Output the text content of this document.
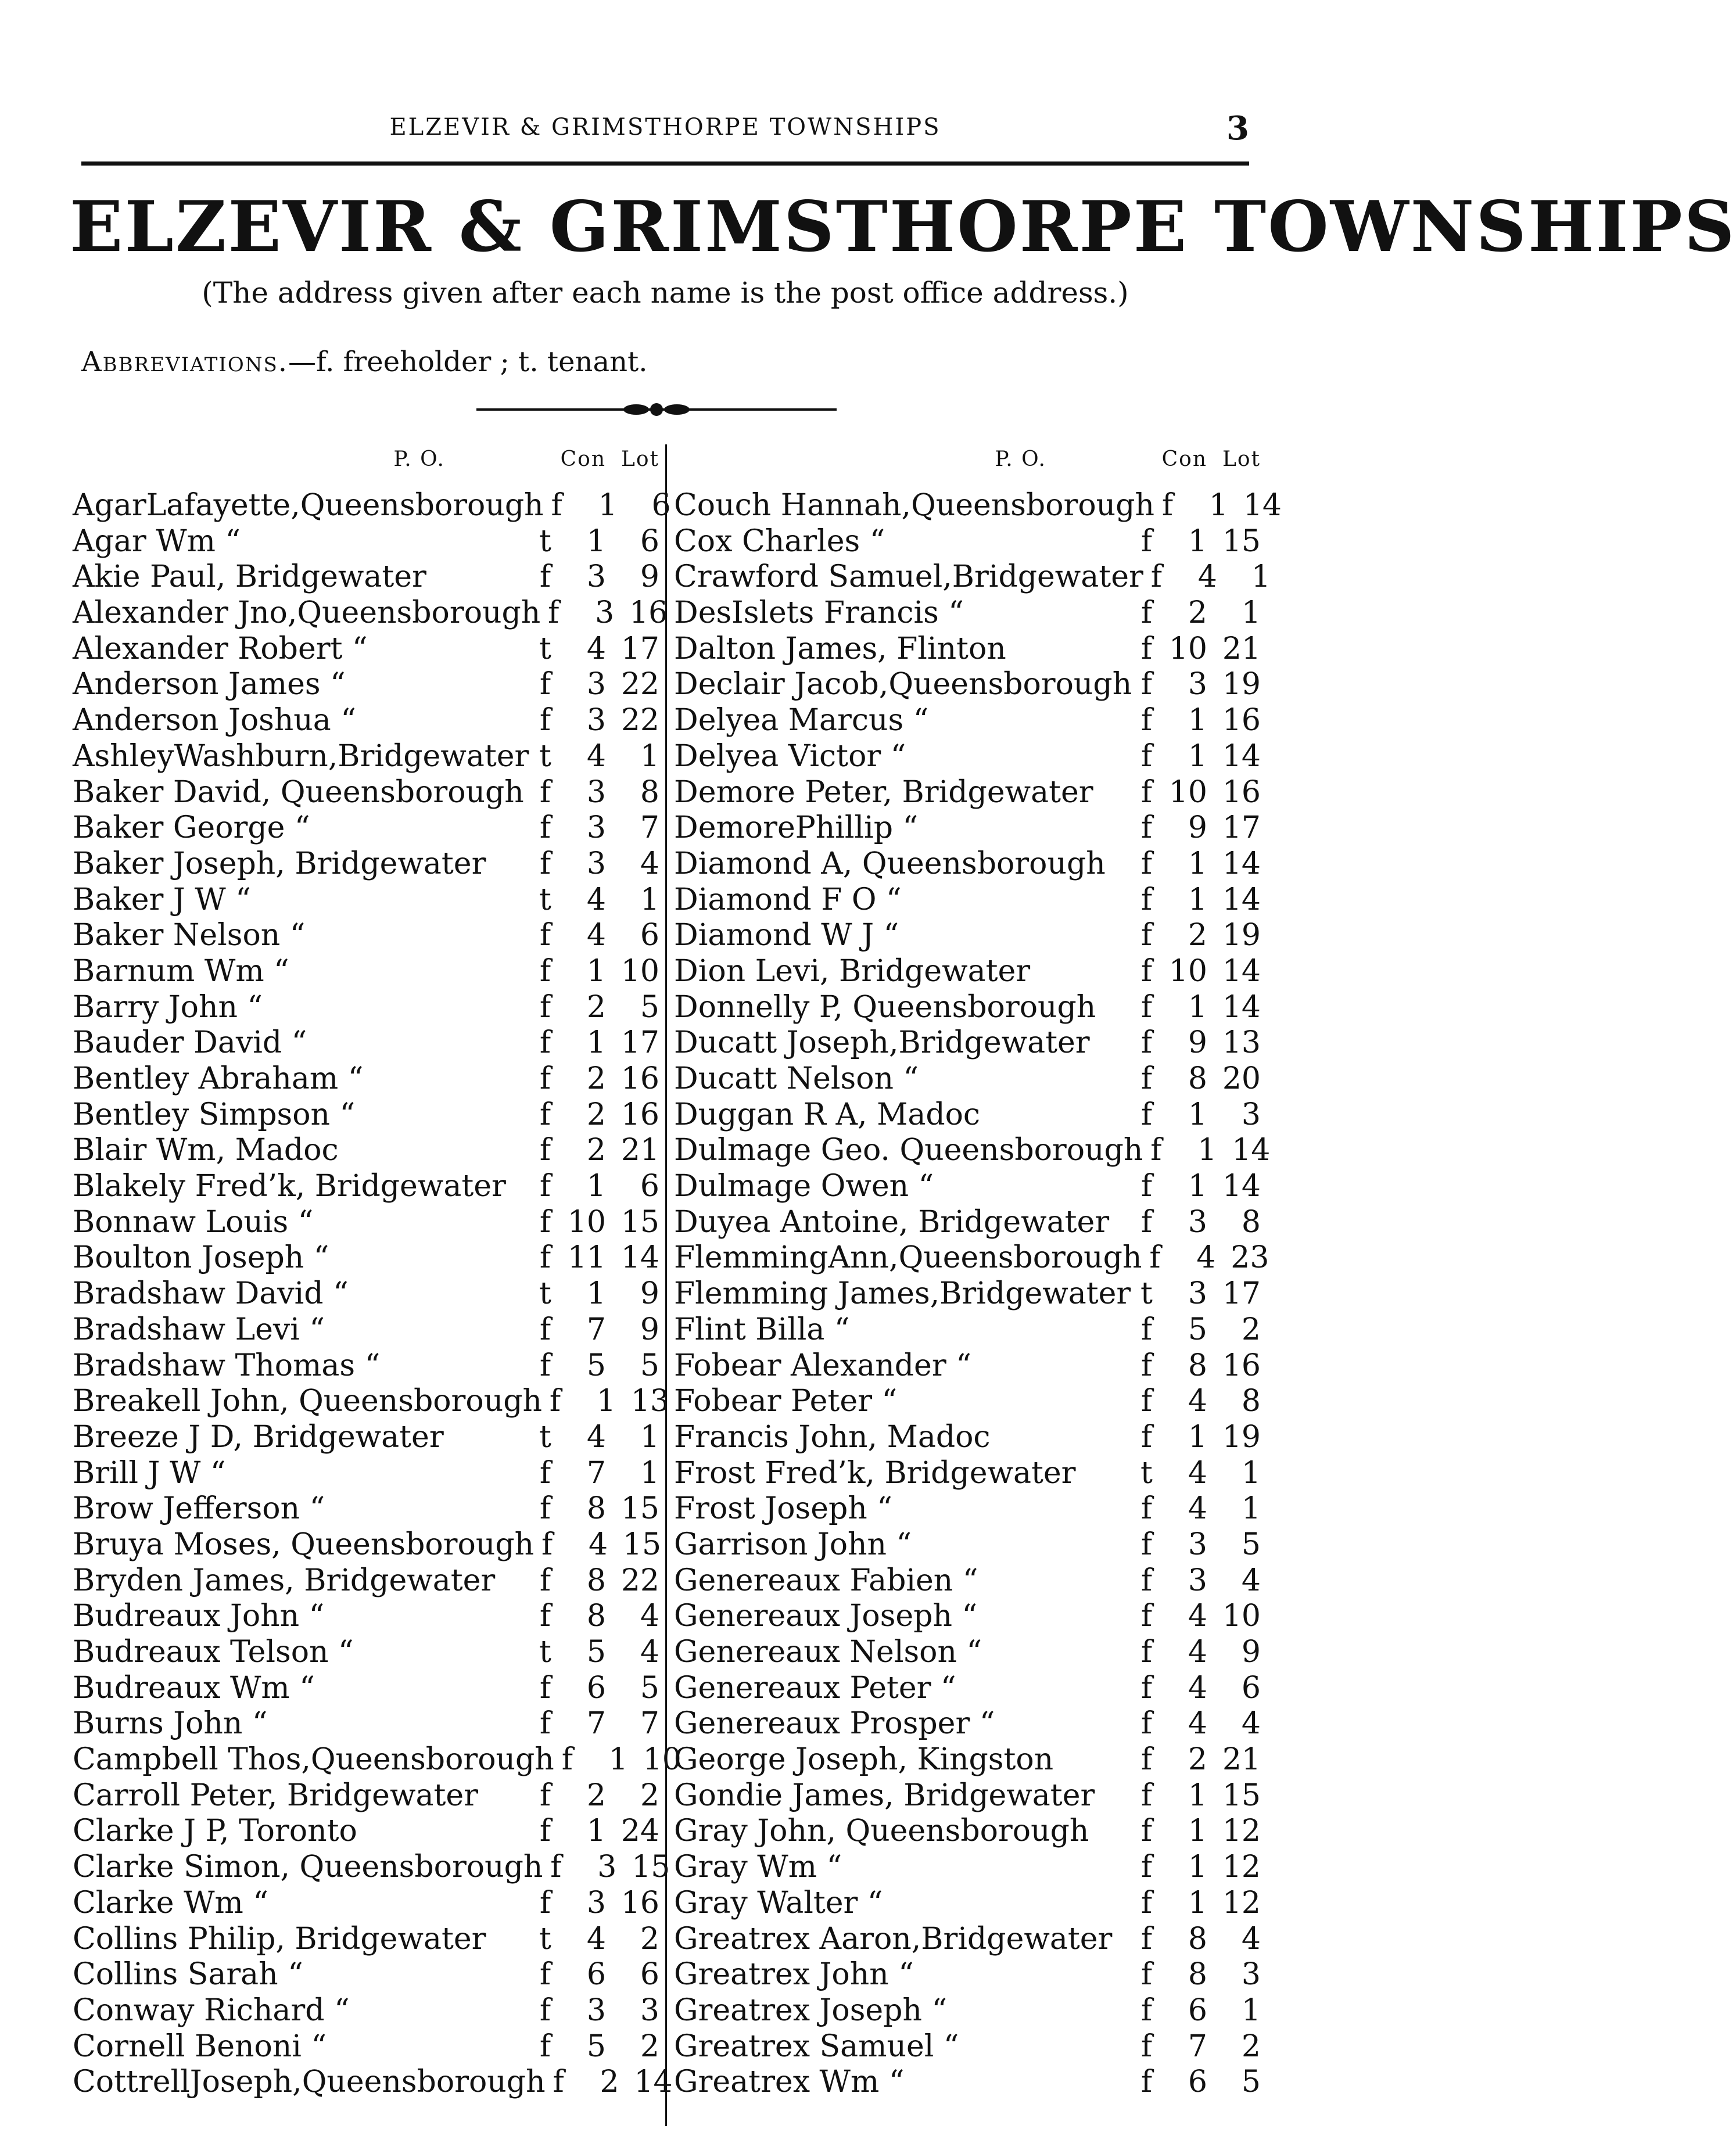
ELZEVIR & GRIMSTHORPE TOWNSHIPS	3
ELZEVIR & GRIMSTHORPE TOWNSHIPS
(The address given after each name is the post office address.)
Abbreviations.—f. freeholder ; t. tenant.
P. O.	Con Lot
AgarLafayette,Queensborough f	1	6
Agar Wm “	t	1	6
Akie Paul, Bridgewater	f	3	9
Alexander Jno,Queensborough f	3 16
Alexander Robert “	t	4 17
Anderson James “	f	3 22
Anderson Joshua “	f	3 22
AshleyWashburn,Bridgewater t	4	1
Baker David, Queensborough f	3	8
Baker George “	f	3	7
Baker Joseph, Bridgewater	f	3	4
Baker J W “	t	4	1
Baker Nelson “	f	4	6
Barnum Wm “	f	1 10
Barry John “	f	2	5
Bauder David “	f	1 17
Bentley Abraham “	f	2 16
Bentley Simpson “	f	2 16
Blair Wm, Madoc	f	2 21
Blakely Fred’k, Bridgewater	f	1	6
Bonnaw Louis “	f 10 15
Boulton Joseph “	f 11 14
Bradshaw David “	t	1	9
Bradshaw Levi “	f	7	9
Bradshaw Thomas “	f	5	5
Breakell John, Queensborough f	1 13
Breeze J D, Bridgewater	t	4	1
Brill J W “	f	7	1
Brow Jefferson “	f	8 15
Bruya Moses, Queensborough f	4 15
Bryden James, Bridgewater	f	8 22
Budreaux John “	f	8	4
Budreaux Telson “	t	5	4
Budreaux Wm “	f	6	5
Burns John “	f	7	7
Campbell Thos,Queensborough f	1 10
Carroll Peter, Bridgewater	f	2	2
Clarke J P, Toronto	f	1 24
Clarke Simon, Queensborough f	3 15
Clarke Wm “	f	3 16
Collins Philip, Bridgewater	t	4	2
Collins Sarah “	f	6	6
Conway Richard “	f	3	3
Cornell Benoni “	f	5	2
CottrellJoseph,Queensborough f	2 14
P. O.	Con Lot
Couch Hannah,Queensborough f	1 14
Cox Charles “	f	1 15
Crawford Samuel,Bridgewater f	4	1
DesIslets Francis “	f	2	1
Dalton James, Flinton	f 10 21
Declair Jacob,Queensborough f	3 19
Delyea Marcus “	f	1 16
Delyea Victor “	f	1 14
Demore Peter, Bridgewater	f 10 16
DemorePhillip “	f	9 17
Diamond A, Queensborough	f	1 14
Diamond F O “	f	1 14
Diamond W J “	f	2 19
Dion Levi, Bridgewater	f 10 14
Donnelly P, Queensborough	f	1 14
Ducatt Joseph,Bridgewater	f	9 13
Ducatt Nelson “	f	8 20
Duggan R A, Madoc	f	1	3
Dulmage Geo. Queensborough f	1 14
Dulmage Owen “	f	1 14
Duyea Antoine, Bridgewater	f	3	8
FlemmingAnn,Queensborough f	4 23
Flemming James,Bridgewater t	3 17
Flint Billa “	f	5	2
Fobear Alexander “	f	8 16
Fobear Peter “	f	4	8
Francis John, Madoc	f	1 19
Frost Fred’k, Bridgewater	t	4	1
Frost Joseph “	f	4	1
Garrison John “	f	3	5
Genereaux Fabien “	f	3	4
Genereaux Joseph “	f	4 10
Genereaux Nelson “	f	4	9
Genereaux Peter “	f	4	6
Genereaux Prosper “	f	4	4
George Joseph, Kingston	f	2 21
Gondie James, Bridgewater	f	1 15
Gray John, Queensborough	f	1 12
Gray Wm “	f	1 12
Gray Walter “	f	1 12
Greatrex Aaron,Bridgewater f	8	4
Greatrex John “	f	8	3
Greatrex Joseph “	f	6	1
Greatrex Samuel “	f	7	2
Greatrex Wm “	f	6	5
